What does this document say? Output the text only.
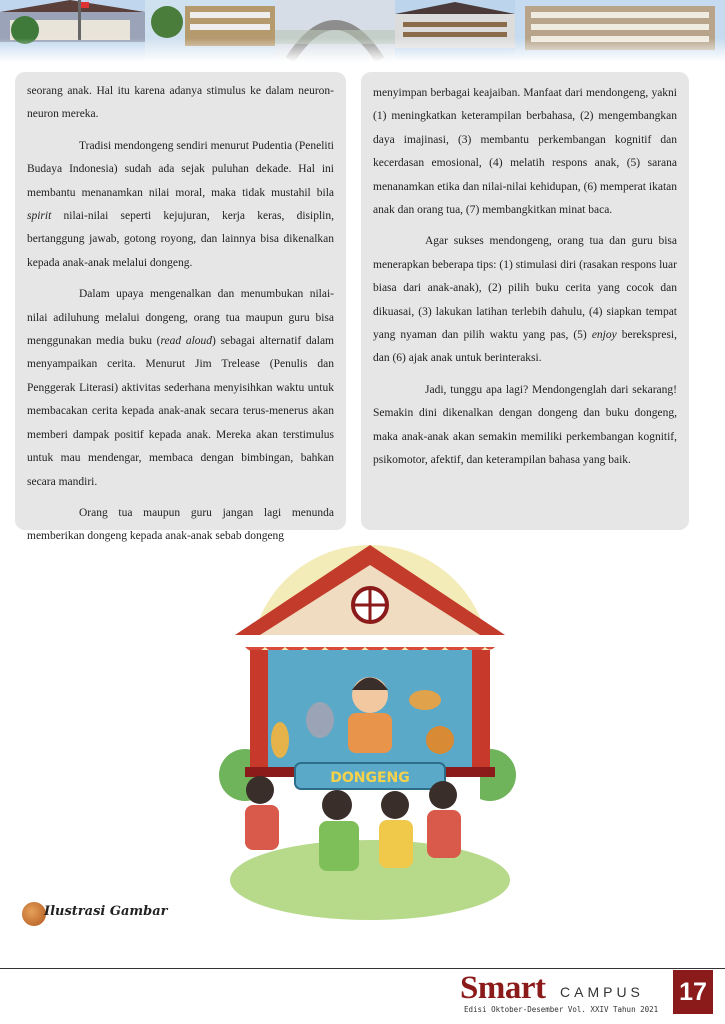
seorang anak. Hal itu karena adanya stimulus ke dalam neuron-neuron mereka.

Tradisi mendongeng sendiri menurut Pudentia (Peneliti Budaya Indonesia) sudah ada sejak puluhan dekade. Hal ini membantu menanamkan nilai moral, maka tidak mustahil bila spirit nilai-nilai seperti kejujuran, kerja keras, disiplin, bertanggung jawab, gotong royong, dan lainnya bisa dikenalkan kepada anak-anak melalui dongeng.

Dalam upaya mengenalkan dan menumbukan nilai-nilai adiluhung melalui dongeng, orang tua maupun guru bisa menggunakan media buku (read aloud) sebagai alternatif dalam menyampaikan cerita. Menurut Jim Trelease (Penulis dan Penggerak Literasi) aktivitas sederhana menyisihkan waktu untuk membacakan cerita kepada anak-anak secara terus-menerus akan memberi dampak positif kepada anak. Mereka akan terstimulus untuk mau mendengar, membaca dengan bimbingan, bahkan secara mandiri.

Orang tua maupun guru jangan lagi menunda memberikan dongeng kepada anak-anak sebab dongeng

menyimpan berbagai keajaiban. Manfaat dari mendongeng, yakni (1) meningkatkan keterampilan berbahasa, (2) mengembangkan daya imajinasi, (3) membantu perkembangan kognitif dan kecerdasan emosional, (4) melatih respons anak, (5) sarana menanamkan etika dan nilai-nilai kehidupan, (6) memperat ikatan anak dan orang tua, (7) membangkitkan minat baca.

Agar sukses mendongeng, orang tua dan guru bisa menerapkan beberapa tips: (1) stimulasi diri (rasakan respons luar biasa dari anak-anak), (2) pilih buku cerita yang cocok dan dikuasai, (3) lakukan latihan terlebih dahulu, (4) siapkan tempat yang nyaman dan pilih waktu yang pas, (5) enjoy berekspresi, dan (6) ajak anak untuk berinteraksi.

Jadi, tunggu apa lagi? Mendongenglah dari sekarang! Semakin dini dikenalkan dengan dongeng dan buku dongeng, maka anak-anak akan semakin memiliki perkembangan kognitif, psikomotor, afektif, dan keterampilan bahasa yang baik.

DONGENG
Ilustrasi Gambar
Smart CAMPUS
Edisi Oktober-Desember Vol. XXIV Tahun 2021
17
